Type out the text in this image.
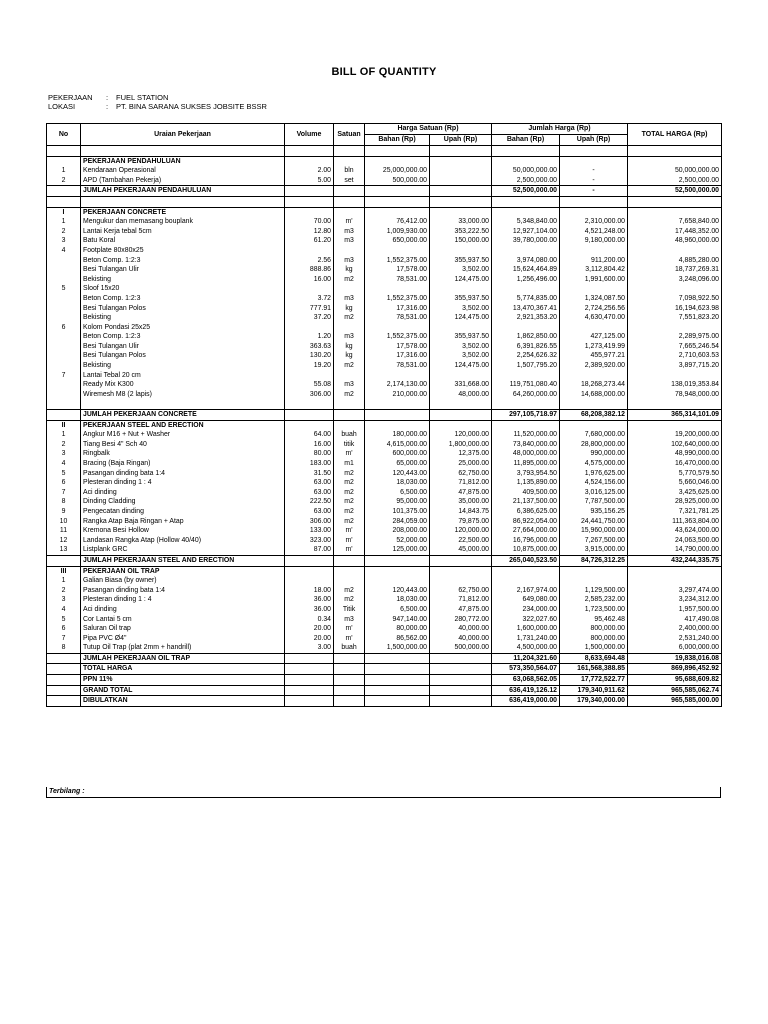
BILL OF QUANTITY
PEKERJAAN : FUEL STATION
LOKASI	: PT. BINA SARANA SUKSES JOBSITE BSSR
No	Uraian Pekerjaan	Volume	Satuan	Harga Satuan (Rp)		Jumlah Harga (Rp)		TOTAL HARGA (Rp)
				Bahan (Rp)	Upah (Rp)	Bahan (Rp)	Upah (Rp)	

	PEKERJAAN PENDAHULUAN							
1	Kendaraan Operasional	2.00	bln	25,000,000.00		50,000,000.00	-	50,000,000.00
2	APD (Tambahan Pekerja)	5.00	set	500,000.00		2,500,000.00	-	2,500,000.00
	JUMLAH PEKERJAAN PENDAHULUAN					52,500,000.00	-	52,500,000.00

I	PEKERJAAN CONCRETE							
1	Mengukur dan memasang bouplank	70.00	m'	76,412.00	33,000.00	5,348,840.00	2,310,000.00	7,658,840.00
2	Lantai Kerja tebal 5cm	12.80	m3	1,009,930.00	353,222.50	12,927,104.00	4,521,248.00	17,448,352.00
3	Batu Koral	61.20	m3	650,000.00	150,000.00	39,780,000.00	9,180,000.00	48,960,000.00
4	Footplate 80x80x25							
	Beton Comp. 1:2:3	2.56	m3	1,552,375.00	355,937.50	3,974,080.00	911,200.00	4,885,280.00
	Besi Tulangan Ulir	888.86	kg	17,578.00	3,502.00	15,624,464.89	3,112,804.42	18,737,269.31
	Bekisting	16.00	m2	78,531.00	124,475.00	1,256,496.00	1,991,600.00	3,248,096.00
5	Sloof 15x20							
	Beton Comp. 1:2:3	3.72	m3	1,552,375.00	355,937.50	5,774,835.00	1,324,087.50	7,098,922.50
	Besi Tulangan Polos	777.91	kg	17,316.00	3,502.00	13,470,367.41	2,724,256.56	16,194,623.98
	Bekisting	37.20	m2	78,531.00	124,475.00	2,921,353.20	4,630,470.00	7,551,823.20
6	Kolom Pondasi 25x25							
	Beton Comp. 1:2:3	1.20	m3	1,552,375.00	355,937.50	1,862,850.00	427,125.00	2,289,975.00
	Besi Tulangan Ulir	363.63	kg	17,578.00	3,502.00	6,391,826.55	1,273,419.99	7,665,246.54
	Besi Tulangan Polos	130.20	kg	17,316.00	3,502.00	2,254,626.32	455,977.21	2,710,603.53
	Bekisting	19.20	m2	78,531.00	124,475.00	1,507,795.20	2,389,920.00	3,897,715.20
7	Lantai Tebal 20 cm							
	Ready Mix K300	55.08	m3	2,174,130.00	331,668.00	119,751,080.40	18,268,273.44	138,019,353.84
	Wiremesh M8 (2 lapis)	306.00	m2	210,000.00	48,000.00	64,260,000.00	14,688,000.00	78,948,000.00

	JUMLAH PEKERJAAN CONCRETE					297,105,718.97	68,208,382.12	365,314,101.09
II	PEKERJAAN STEEL AND ERECTION							
1	Angkur M16 + Nut + Washer	64.00	buah	180,000.00	120,000.00	11,520,000.00	7,680,000.00	19,200,000.00
2	Tiang Besi 4" Sch 40	16.00	titik	4,615,000.00	1,800,000.00	73,840,000.00	28,800,000.00	102,640,000.00
3	Ringbalk	80.00	m'	600,000.00	12,375.00	48,000,000.00	990,000.00	48,990,000.00
4	Bracing (Baja Ringan)	183.00	m1	65,000.00	25,000.00	11,895,000.00	4,575,000.00	16,470,000.00
5	Pasangan dinding bata 1:4	31.50	m2	120,443.00	62,750.00	3,793,954.50	1,976,625.00	5,770,579.50
6	Plesteran dinding 1 : 4	63.00	m2	18,030.00	71,812.00	1,135,890.00	4,524,156.00	5,660,046.00
7	Aci dinding	63.00	m2	6,500.00	47,875.00	409,500.00	3,016,125.00	3,425,625.00
8	Dinding Cladding	222.50	m2	95,000.00	35,000.00	21,137,500.00	7,787,500.00	28,925,000.00
9	Pengecatan dinding	63.00	m2	101,375.00	14,843.75	6,386,625.00	935,156.25	7,321,781.25
10	Rangka Atap Baja Ringan + Atap	306.00	m2	284,059.00	79,875.00	86,922,054.00	24,441,750.00	111,363,804.00
11	Kremona Besi Hollow	133.00	m'	208,000.00	120,000.00	27,664,000.00	15,960,000.00	43,624,000.00
12	Landasan Rangka Atap (Hollow 40/40)	323.00	m'	52,000.00	22,500.00	16,796,000.00	7,267,500.00	24,063,500.00
13	Listplank GRC	87.00	m'	125,000.00	45,000.00	10,875,000.00	3,915,000.00	14,790,000.00
	JUMLAH PEKERJAAN STEEL AND ERECTION					265,040,523.50	84,726,312.25	432,244,335.75
III	PEKERJAAN OIL TRAP							
1	Galian Biasa (by owner)							
2	Pasangan dinding bata 1:4	18.00	m2	120,443.00	62,750.00	2,167,974.00	1,129,500.00	3,297,474.00
3	Plesteran dinding 1 : 4	36.00	m2	18,030.00	71,812.00	649,080.00	2,585,232.00	3,234,312.00
4	Aci dinding	36.00	Titik	6,500.00	47,875.00	234,000.00	1,723,500.00	1,957,500.00
5	Cor Lantai 5 cm	0.34	m3	947,140.00	280,772.00	322,027.60	95,462.48	417,490.08
6	Saluran Oil trap	20.00	m'	80,000.00	40,000.00	1,600,000.00	800,000.00	2,400,000.00
7	Pipa PVC Ø4"	20.00	m'	86,562.00	40,000.00	1,731,240.00	800,000.00	2,531,240.00
8	Tutup Oil Trap (plat 2mm + handrill)	3.00	buah	1,500,000.00	500,000.00	4,500,000.00	1,500,000.00	6,000,000.00
	JUMLAH PEKERJAAN OIL TRAP					11,204,321.60	8,633,694.48	19,838,016.08
	TOTAL HARGA					573,350,564.07	161,568,388.85	869,896,452.92
	PPN 11%					63,068,562.05	17,772,522.77	95,688,609.82
	GRAND TOTAL					636,419,126.12	179,340,911.62	965,585,062.74
	DIBULATKAN					636,419,000.00	179,340,000.00	965,585,000.00
Terbilang :
